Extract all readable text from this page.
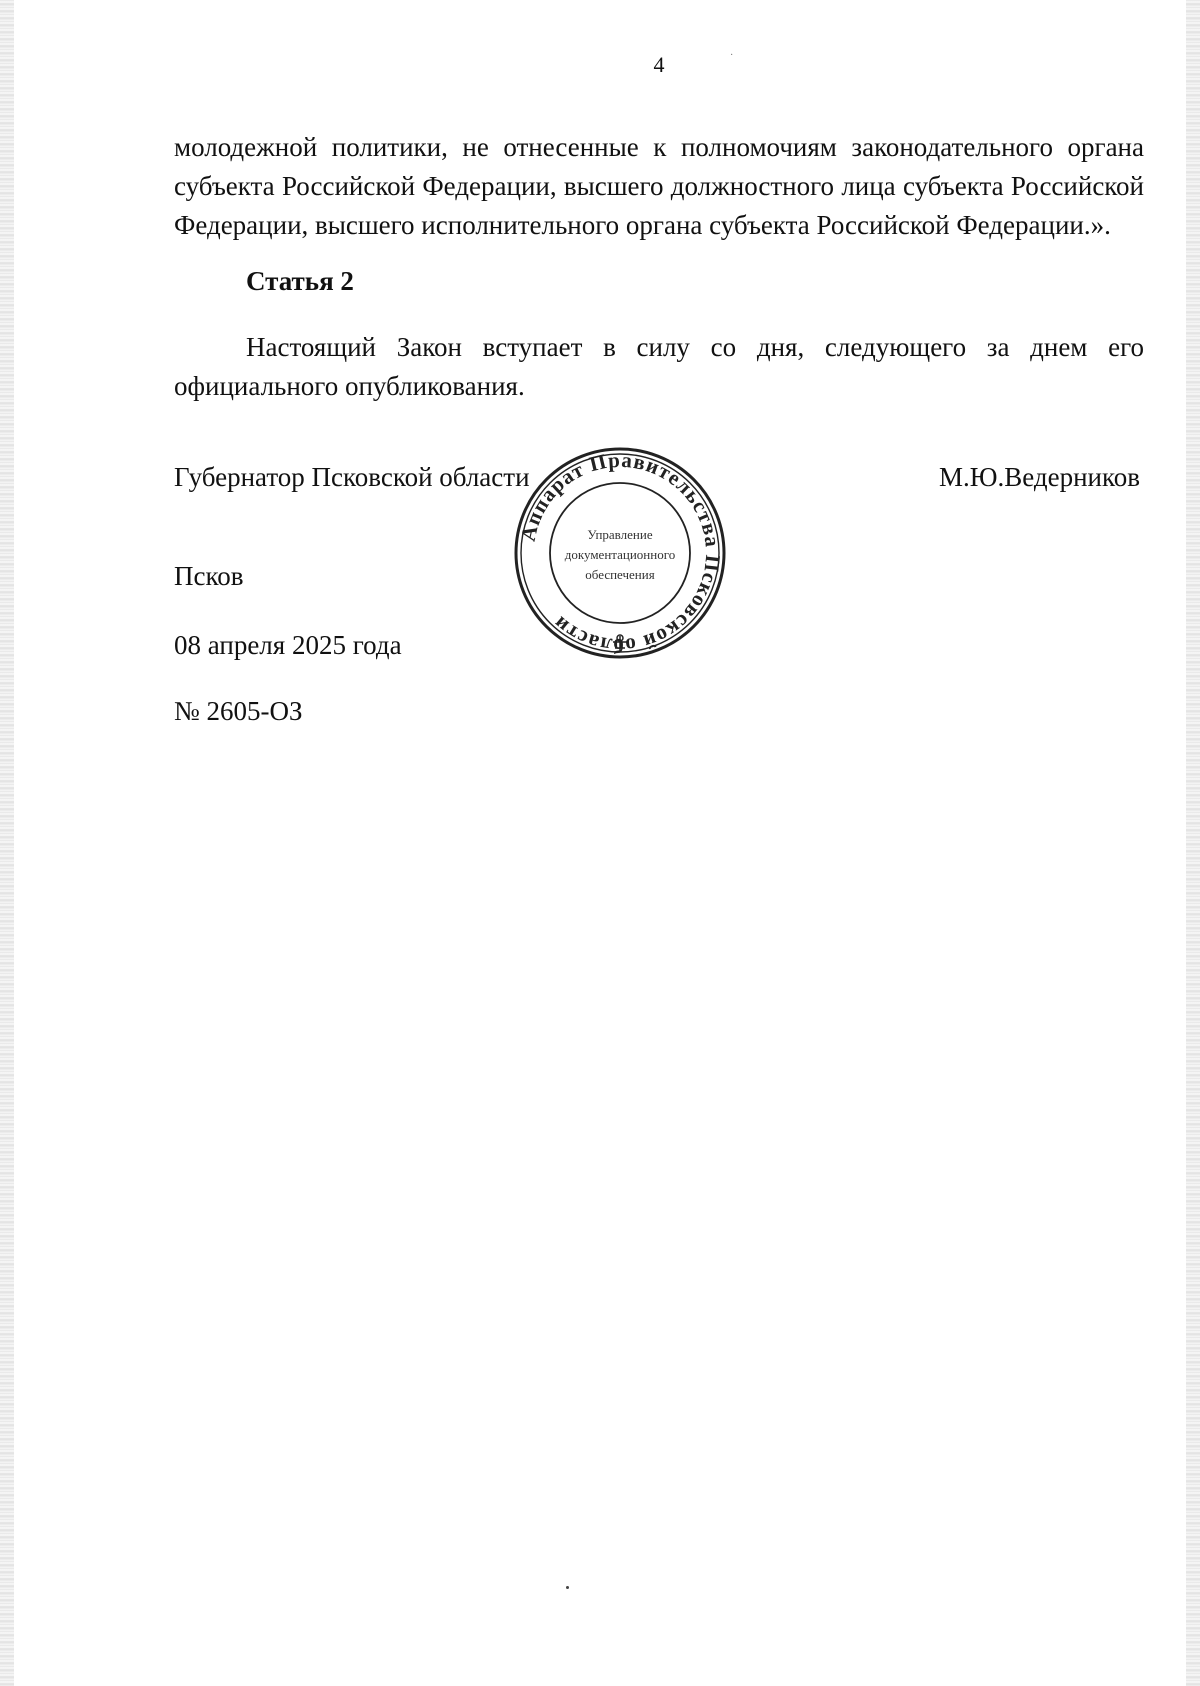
4	·

молодежной политики, не отнесенные к полномочиям законодательного органа субъекта Российской Федерации, высшего должностного лица субъекта Российской Федерации, высшего исполнительного органа субъекта Российской Федерации.».

Статья 2

Настоящий Закон вступает в силу со дня, следующего за днем его официального опубликования.

Губернатор Псковской области	М.Ю.Ведерников
Аппарат Правительства Псковской области
Управление
документационного
обеспечения
Псков
08 апреля 2025 года
№ 2605-ОЗ
